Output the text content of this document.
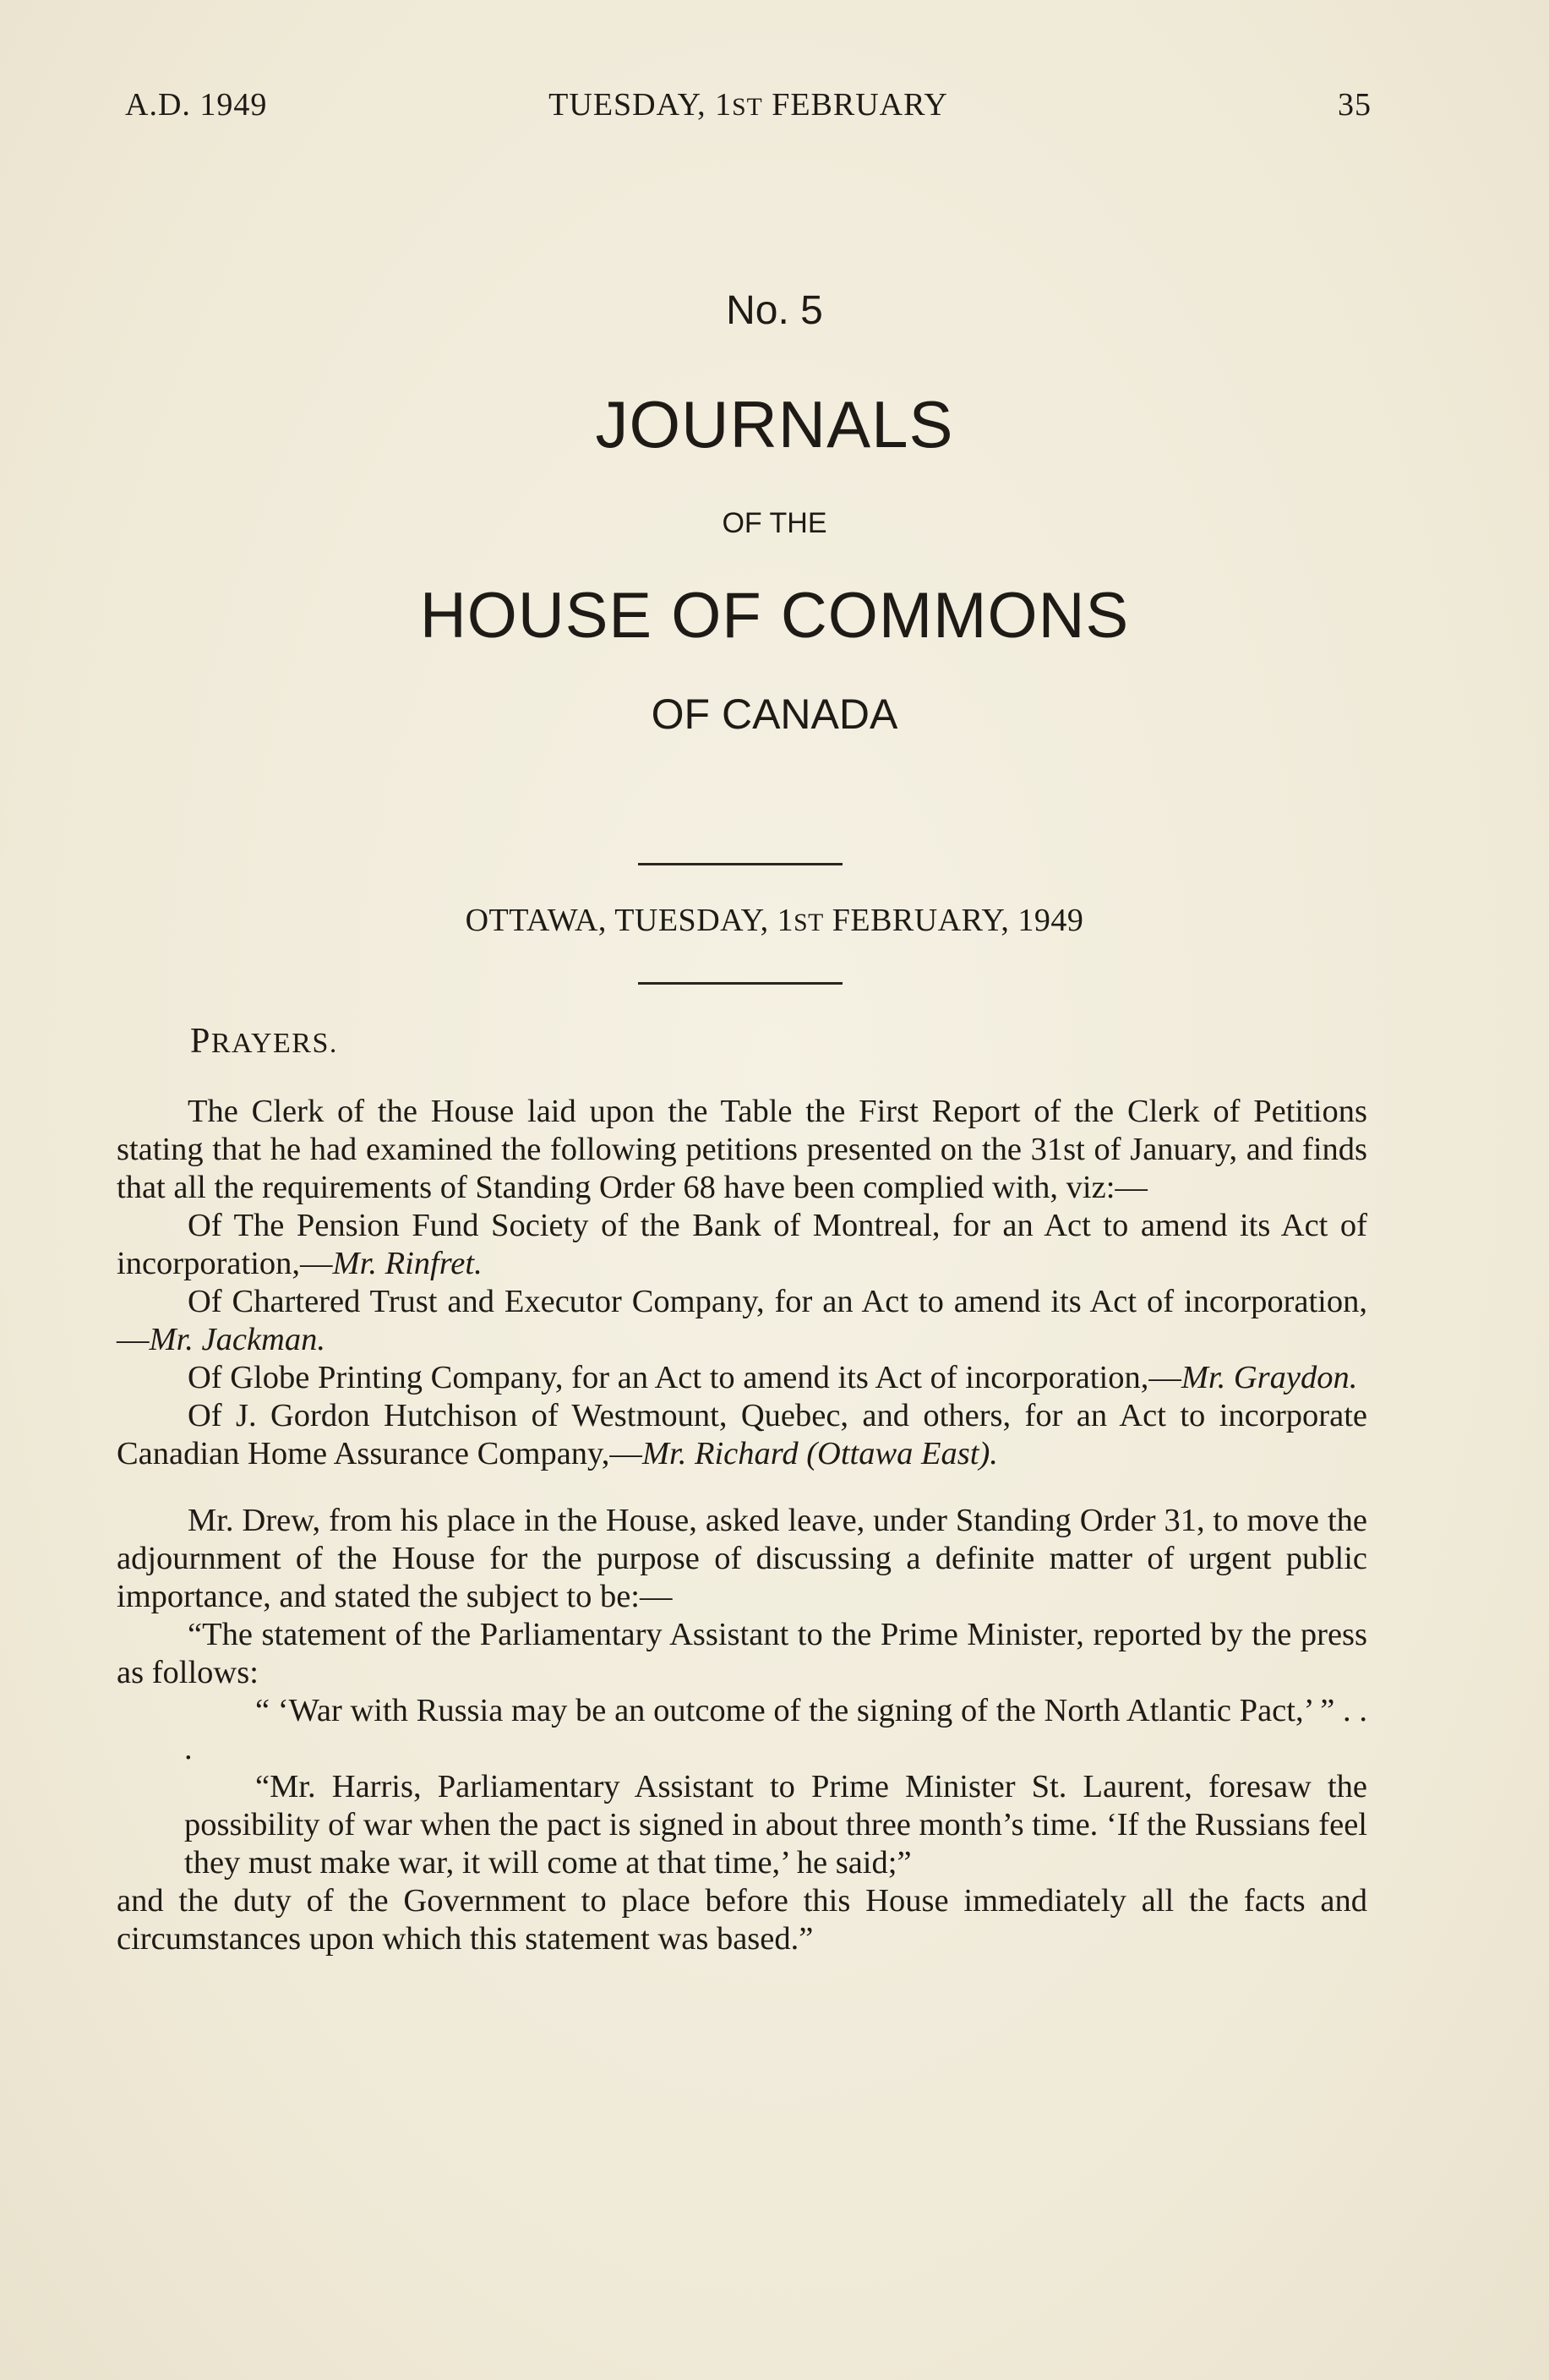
A.D. 1949	TUESDAY, 1ST FEBRUARY	35
No. 5
JOURNALS
OF THE
HOUSE OF COMMONS
OF CANADA
OTTAWA, TUESDAY, 1ST FEBRUARY, 1949
PRAYERS.

The Clerk of the House laid upon the Table the First Report of the Clerk of Petitions stating that he had examined the following petitions presented on the 31st of January, and finds that all the requirements of Standing Order 68 have been complied with, viz:—

Of The Pension Fund Society of the Bank of Montreal, for an Act to amend its Act of incorporation,—Mr. Rinfret.

Of Chartered Trust and Executor Company, for an Act to amend its Act of incorporation,—Mr. Jackman.

Of Globe Printing Company, for an Act to amend its Act of incorporation,—Mr. Graydon.

Of J. Gordon Hutchison of Westmount, Quebec, and others, for an Act to incorporate Canadian Home Assurance Company,—Mr. Richard (Ottawa East).

Mr. Drew, from his place in the House, asked leave, under Standing Order 31, to move the adjournment of the House for the purpose of discussing a definite matter of urgent public importance, and stated the subject to be:—

“The statement of the Parliamentary Assistant to the Prime Minister, reported by the press as follows:

“ ‘War with Russia may be an outcome of the signing of the North Atlantic Pact,’ ” . . .

“Mr. Harris, Parliamentary Assistant to Prime Minister St. Laurent, foresaw the possibility of war when the pact is signed in about three month’s time. ‘If the Russians feel they must make war, it will come at that time,’ he said;”

and the duty of the Government to place before this House immediately all the facts and circumstances upon which this statement was based.”
